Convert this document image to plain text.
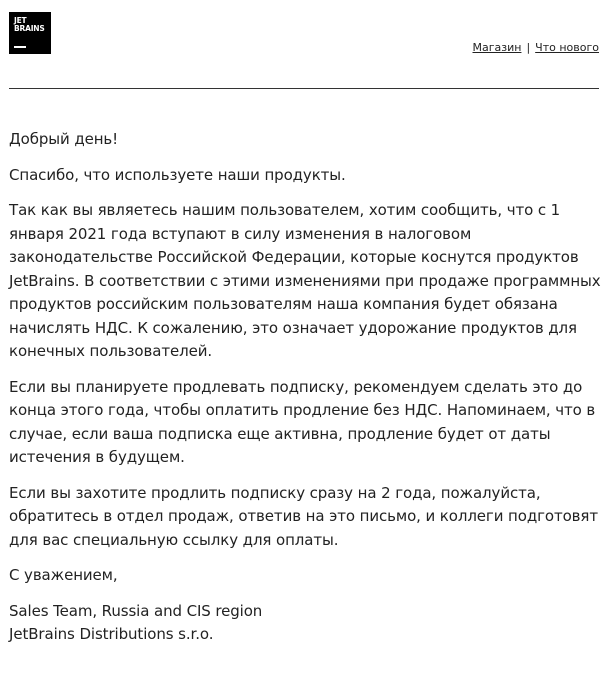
JET
BRAINS
Магазин | Что нового

Добрый день!

Спасибо, что используете наши продукты.

Так как вы являетесь нашим пользователем, хотим сообщить, что с 1 января 2021 года вступают в силу изменения в налоговом законодательстве Российской Федерации, которые коснутся продуктов JetBrains. В соответствии с этими изменениями при продаже программных продуктов российским пользователям наша компания будет обязана начислять НДС. К сожалению, это означает удорожание продуктов для конечных пользователей.

Если вы планируете продлевать подписку, рекомендуем сделать это до конца этого года, чтобы оплатить продление без НДС. Напоминаем, что в случае, если ваша подписка еще активна, продление будет от даты истечения в будущем.

Если вы захотите продлить подписку сразу на 2 года, пожалуйста, обратитесь в отдел продаж, ответив на это письмо, и коллеги подготовят для вас специальную ссылку для оплаты.

С уважением,

Sales Team, Russia and CIS region

JetBrains Distributions s.r.o.
